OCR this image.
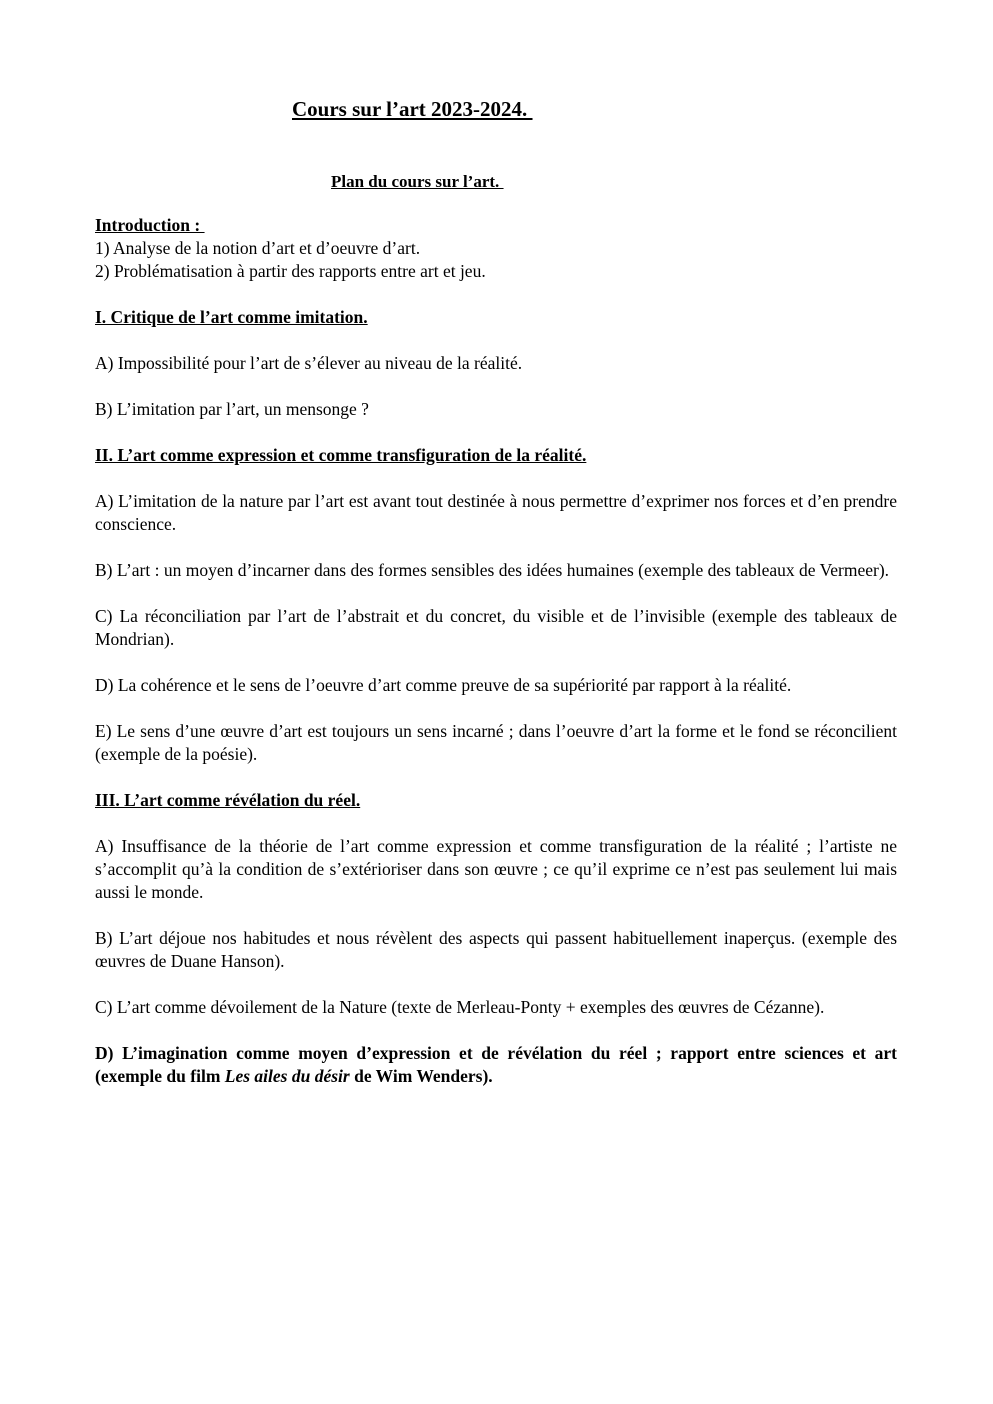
Cours sur l’art 2023-2024.
Plan du cours sur l’art.

Introduction :

1) Analyse de la notion d’art et d’oeuvre d’art.

2) Problématisation à partir des rapports entre art et jeu.

I. Critique de l’art comme imitation.

A) Impossibilité pour l’art de s’élever au niveau de la réalité.

B) L’imitation par l’art, un mensonge ?

II. L’art comme expression et comme transfiguration de la réalité.

A) L’imitation de la nature par l’art est avant tout destinée à nous permettre d’exprimer nos forces et d’en prendre conscience.

B) L’art : un moyen d’incarner dans des formes sensibles des idées humaines (exemple des tableaux de Vermeer).

C) La réconciliation par l’art de l’abstrait et du concret, du visible et de l’invisible (exemple des tableaux de Mondrian).

D) La cohérence et le sens de l’oeuvre d’art comme preuve de sa supériorité par rapport à la réalité.

E) Le sens d’une œuvre d’art est toujours un sens incarné ; dans l’oeuvre d’art la forme et le fond se réconcilient (exemple de la poésie).

III. L’art comme révélation du réel.

A) Insuffisance de la théorie de l’art comme expression et comme transfiguration de la réalité ; l’artiste ne s’accomplit qu’à la condition de s’extérioriser dans son œuvre ; ce qu’il exprime ce n’est pas seulement lui mais aussi le monde.

B) L’art déjoue nos habitudes et nous révèlent des aspects qui passent habituellement inaperçus. (exemple des œuvres de Duane Hanson).

C) L’art comme dévoilement de la Nature (texte de Merleau-Ponty + exemples des œuvres de Cézanne).

D) L’imagination comme moyen d’expression et de révélation du réel ; rapport entre sciences et art (exemple du film Les ailes du désir de Wim Wenders).
